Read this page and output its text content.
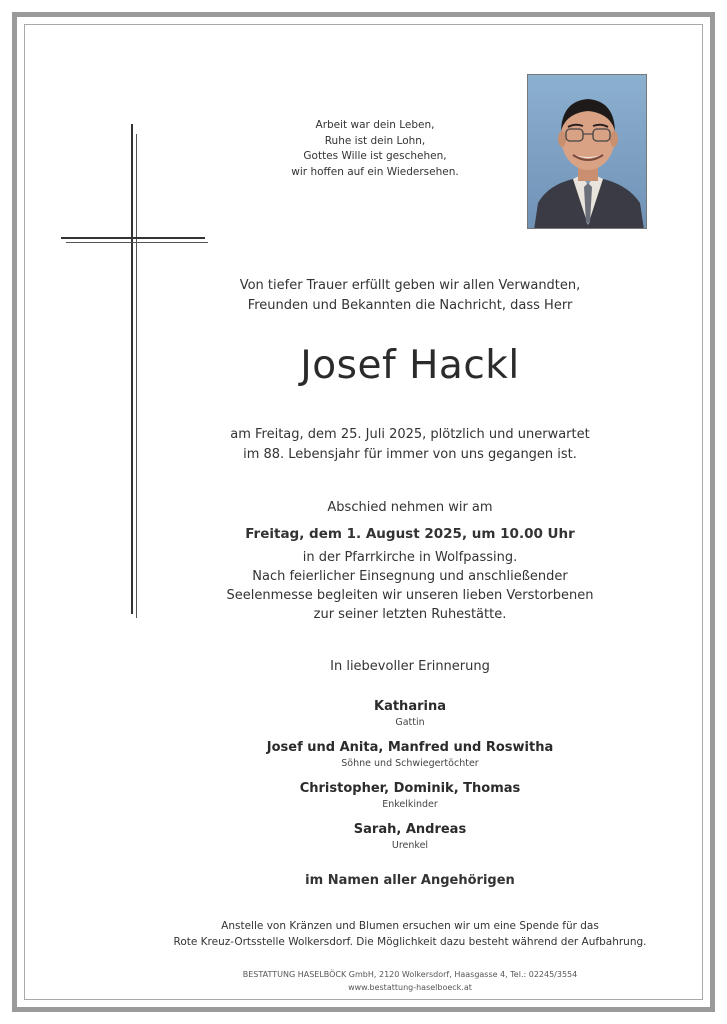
Arbeit war dein Leben,
Ruhe ist dein Lohn,
Gottes Wille ist geschehen,
wir hoffen auf ein Wiedersehen.
Von tiefer Trauer erfüllt geben wir allen Verwandten,
Freunden und Bekannten die Nachricht, dass Herr
Josef Hackl
am Freitag, dem 25. Juli 2025, plötzlich und unerwartet
im 88. Lebensjahr für immer von uns gegangen ist.
Abschied nehmen wir am
Freitag, dem 1. August 2025, um 10.00 Uhr
in der Pfarrkirche in Wolfpassing.
Nach feierlicher Einsegnung und anschließender
Seelenmesse begleiten wir unseren lieben Verstorbenen
zur seiner letzten Ruhestätte.
In liebevoller Erinnerung
Katharina
Gattin
Josef und Anita, Manfred und Roswitha
Söhne und Schwiegertöchter
Christopher, Dominik, Thomas
Enkelkinder
Sarah, Andreas
Urenkel
im Namen aller Angehörigen
Anstelle von Kränzen und Blumen ersuchen wir um eine Spende für das
Rote Kreuz-Ortsstelle Wolkersdorf. Die Möglichkeit dazu besteht während der Aufbahrung.
BESTATTUNG HASELBÖCK GmbH, 2120 Wolkersdorf, Haasgasse 4, Tel.: 02245/3554
www.bestattung-haselboeck.at
